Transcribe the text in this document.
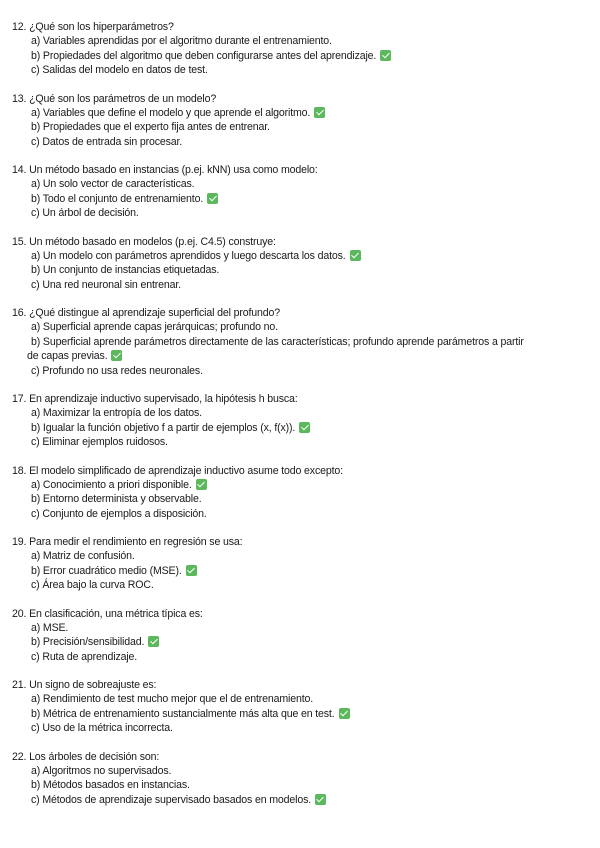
12. ¿Qué son los hiperparámetros?
a) Variables aprendidas por el algoritmo durante el entrenamiento.
b) Propiedades del algoritmo que deben configurarse antes del aprendizaje.
c) Salidas del modelo en datos de test.
13. ¿Qué son los parámetros de un modelo?
a) Variables que define el modelo y que aprende el algoritmo.
b) Propiedades que el experto fija antes de entrenar.
c) Datos de entrada sin procesar.
14. Un método basado en instancias (p.ej. kNN) usa como modelo:
a) Un solo vector de características.
b) Todo el conjunto de entrenamiento.
c) Un árbol de decisión.
15. Un método basado en modelos (p.ej. C4.5) construye:
a) Un modelo con parámetros aprendidos y luego descarta los datos.
b) Un conjunto de instancias etiquetadas.
c) Una red neuronal sin entrenar.
16. ¿Qué distingue al aprendizaje superficial del profundo?
a) Superficial aprende capas jerárquicas; profundo no.
b) Superficial aprende parámetros directamente de las características; profundo aprende parámetros a partir
de capas previas.
c) Profundo no usa redes neuronales.
17. En aprendizaje inductivo supervisado, la hipótesis h busca:
a) Maximizar la entropía de los datos.
b) Igualar la función objetivo f a partir de ejemplos (x, f(x)).
c) Eliminar ejemplos ruidosos.
18. El modelo simplificado de aprendizaje inductivo asume todo excepto:
a) Conocimiento a priori disponible.
b) Entorno determinista y observable.
c) Conjunto de ejemplos a disposición.
19. Para medir el rendimiento en regresión se usa:
a) Matriz de confusión.
b) Error cuadrático medio (MSE).
c) Área bajo la curva ROC.
20. En clasificación, una métrica típica es:
a) MSE.
b) Precisión/sensibilidad.
c) Ruta de aprendizaje.
21. Un signo de sobreajuste es:
a) Rendimiento de test mucho mejor que el de entrenamiento.
b) Métrica de entrenamiento sustancialmente más alta que en test.
c) Uso de la métrica incorrecta.
22. Los árboles de decisión son:
a) Algoritmos no supervisados.
b) Métodos basados en instancias.
c) Métodos de aprendizaje supervisado basados en modelos.
